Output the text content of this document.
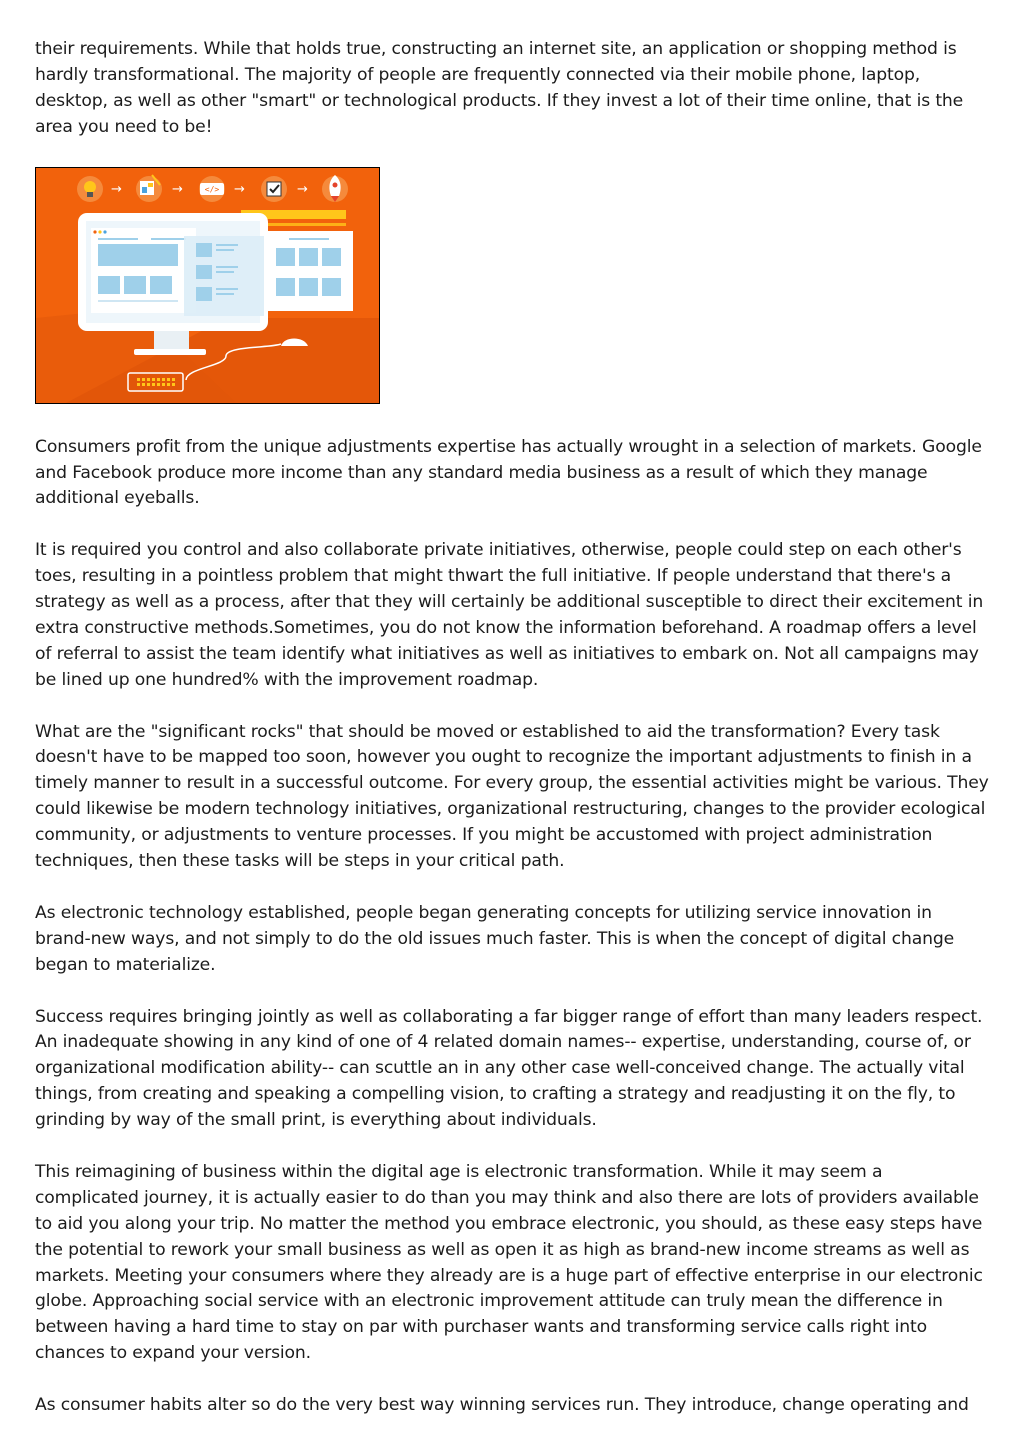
their requirements. While that holds true, constructing an internet site, an application or shopping method is hardly transformational. The majority of people are frequently connected via their mobile phone, laptop, desktop, as well as other "smart" or technological products. If they invest a lot of their time online, that is the area you need to be!

→	→	</> →	→

Consumers profit from the unique adjustments expertise has actually wrought in a selection of markets. Google and Facebook produce more income than any standard media business as a result of which they manage additional eyeballs.

It is required you control and also collaborate private initiatives, otherwise, people could step on each other's toes, resulting in a pointless problem that might thwart the full initiative. If people understand that there's a strategy as well as a process, after that they will certainly be additional susceptible to direct their excitement in extra constructive methods.Sometimes, you do not know the information beforehand. A roadmap offers a level of referral to assist the team identify what initiatives as well as initiatives to embark on. Not all campaigns may be lined up one hundred% with the improvement roadmap.

What are the "significant rocks" that should be moved or established to aid the transformation? Every task doesn't have to be mapped too soon, however you ought to recognize the important adjustments to finish in a timely manner to result in a successful outcome. For every group, the essential activities might be various. They could likewise be modern technology initiatives, organizational restructuring, changes to the provider ecological community, or adjustments to venture processes. If you might be accustomed with project administration techniques, then these tasks will be steps in your critical path.

As electronic technology established, people began generating concepts for utilizing service innovation in brand-new ways, and not simply to do the old issues much faster. This is when the concept of digital change began to materialize.

Success requires bringing jointly as well as collaborating a far bigger range of effort than many leaders respect. An inadequate showing in any kind of one of 4 related domain names-- expertise, understanding, course of, or organizational modification ability-- can scuttle an in any other case well-conceived change. The actually vital things, from creating and speaking a compelling vision, to crafting a strategy and readjusting it on the fly, to grinding by way of the small print, is everything about individuals.

This reimagining of business within the digital age is electronic transformation. While it may seem a complicated journey, it is actually easier to do than you may think and also there are lots of providers available to aid you along your trip. No matter the method you embrace electronic, you should, as these easy steps have the potential to rework your small business as well as open it as high as brand-new income streams as well as markets. Meeting your consumers where they already are is a huge part of effective enterprise in our electronic globe. Approaching social service with an electronic improvement attitude can truly mean the difference in between having a hard time to stay on par with purchaser wants and transforming service calls right into chances to expand your version.

As consumer habits alter so do the very best way winning services run. They introduce, change operating and
